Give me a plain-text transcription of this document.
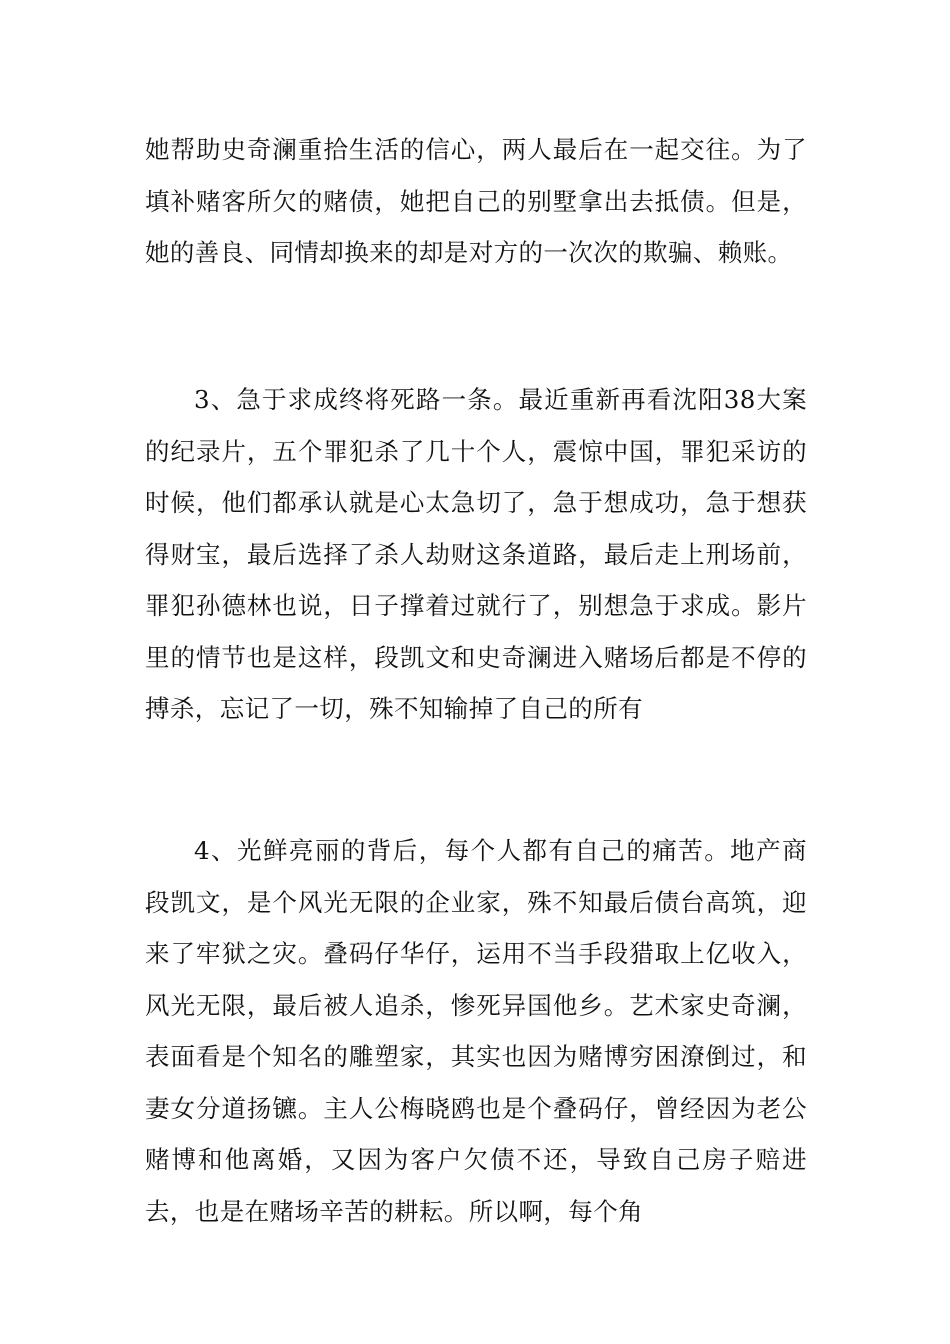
她帮助史奇澜重拾生活的信心，两人最后在一起交往。为了填补赌客所欠的赌债，她把自己的别墅拿出去抵债。但是，她的善良、同情却换来的却是对方的一次次的欺骗、赖账。

3、急于求成终将死路一条。最近重新再看沈阳38大案的纪录片，五个罪犯杀了几十个人，震惊中国，罪犯采访的时候，他们都承认就是心太急切了，急于想成功，急于想获得财宝，最后选择了杀人劫财这条道路，最后走上刑场前，罪犯孙德林也说，日子撑着过就行了，别想急于求成。影片里的情节也是这样，段凯文和史奇澜进入赌场后都是不停的搏杀，忘记了一切，殊不知输掉了自己的所有

4、光鲜亮丽的背后，每个人都有自己的痛苦。地产商段凯文，是个风光无限的企业家，殊不知最后债台高筑，迎来了牢狱之灾。叠码仔华仔，运用不当手段猎取上亿收入，风光无限，最后被人追杀，惨死异国他乡。艺术家史奇澜，表面看是个知名的雕塑家，其实也因为赌博穷困潦倒过，和妻女分道扬镳。主人公梅晓鸥也是个叠码仔，曾经因为老公赌博和他离婚，又因为客户欠债不还，导致自己房子赔进去，也是在赌场辛苦的耕耘。所以啊，每个角
